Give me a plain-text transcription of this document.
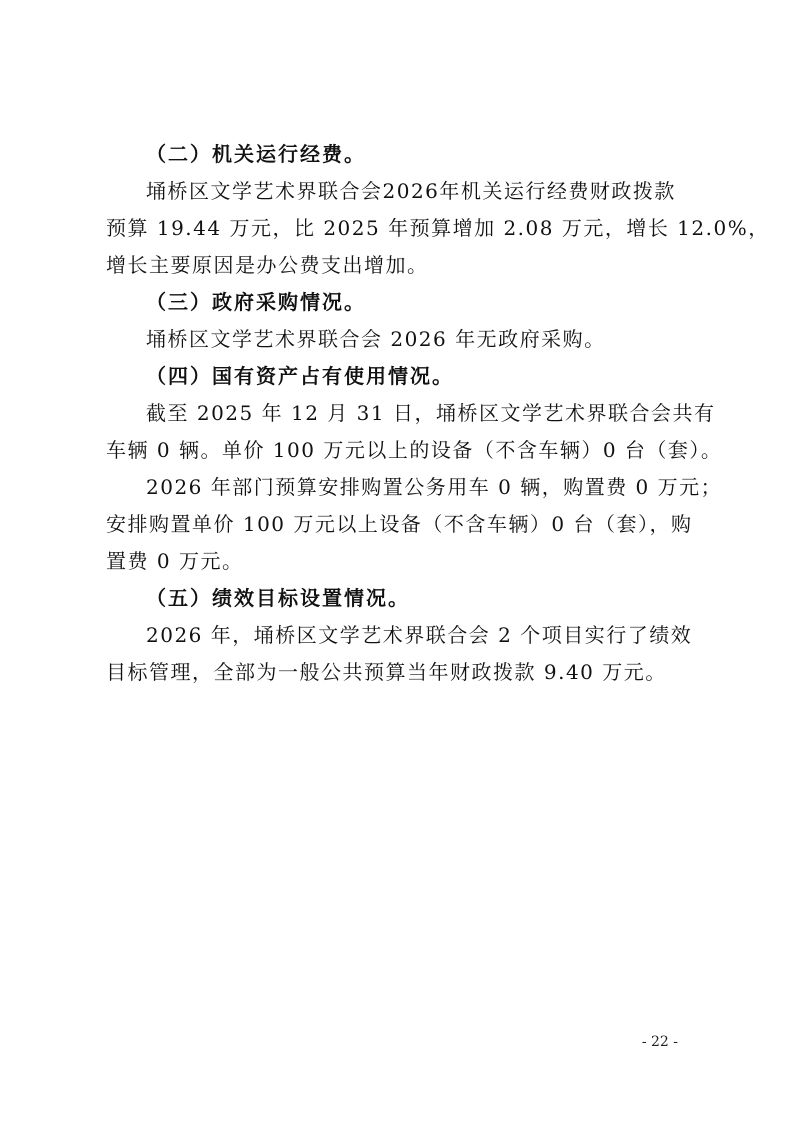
（二）机关运行经费。

埇桥区文学艺术界联合会2026年机关运行经费财政拨款
预算 19.44 万元，比 2025 年预算增加 2.08 万元，增长 12.0%，
增长主要原因是办公费支出增加。

（三）政府采购情况。

埇桥区文学艺术界联合会 2026 年无政府采购。

（四）国有资产占有使用情况。

截至 2025 年 12 月 31 日，埇桥区文学艺术界联合会共有
车辆 0 辆。单价 100 万元以上的设备（不含车辆）0 台（套）。

2026 年部门预算安排购置公务用车 0 辆，购置费 0 万元；
安排购置单价 100 万元以上设备（不含车辆）0 台（套），购
置费 0 万元。

（五）绩效目标设置情况。

2026 年，埇桥区文学艺术界联合会 2 个项目实行了绩效
目标管理，全部为一般公共预算当年财政拨款 9.40 万元。

- 22 -
